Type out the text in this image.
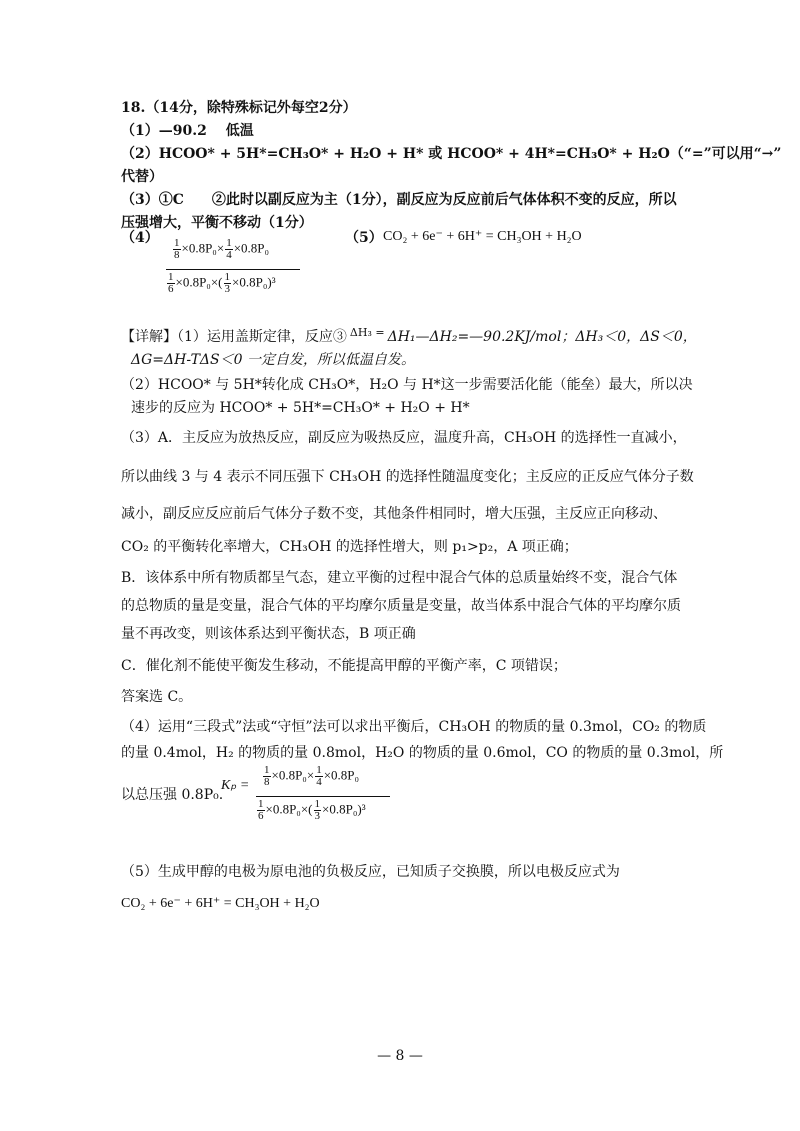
18.（14分，除特殊标记外每空2分）
（1）—90.2 低温
（2）HCOO* + 5H*=CH₃O* + H₂O + H* 或 HCOO* + 4H*=CH₃O* + H₂O（“=”可以用“→”
代替）
（3）①C　　②此时以副反应为主（1分），副反应为反应前后气体体积不变的反应，所以
压强增大，平衡不移动（1分）
$(4) \frac{1}{8} \times 0.8P_0\times \frac{1}{4} \times 0.8P_0$
$\frac{1}{6} \times 0.8P_0\times( \frac{1}{3} \times 0.8P_0)^3$
（5） CO₂ + 6e⁻ + 6H⁺ = CH₃OH + H₂O
【详解】（1）运用盖斯定律，反应③ $^{\Delta H_3 =}$ ΔH₁—ΔH₂=—90.2KJ/mol；ΔH₃＜0，ΔS＜0，
ΔG=ΔH-TΔS＜0 一定自发，所以低温自发。
（2）HCOO* 与 5H*转化成 CH₃O*，H₂O 与 H*这一步需要活化能（能垒）最大，所以决
速步的反应为 HCOO* + 5H*=CH₃O* + H₂O + H*
（3）A．主反应为放热反应，副反应为吸热反应，温度升高，CH₃OH 的选择性一直减小，
所以曲线 3 与 4 表示不同压强下 CH₃OH 的选择性随温度变化；主反应的正反应气体分子数
减小，副反应反应前后气体分子数不变，其他条件相同时，增大压强，主反应正向移动、
CO₂ 的平衡转化率增大，CH₃OH 的选择性增大，则 p₁>p₂，A 项正确；
B．该体系中所有物质都呈气态，建立平衡的过程中混合气体的总质量始终不变，混合气体
的总物质的量是变量，混合气体的平均摩尔质量是变量，故当体系中混合气体的平均摩尔质
量不再改变，则该体系达到平衡状态，B 项正确
C．催化剂不能使平衡发生移动，不能提高甲醇的平衡产率，C 项错误；
答案选 C。
（4）运用“三段式”法或“守恒”法可以求出平衡后，CH₃OH 的物质的量 0.3mol，CO₂ 的物质
的量 0.4mol，H₂ 的物质的量 0.8mol，H₂O 的物质的量 0.6mol，CO 的物质的量 0.3mol，所
以总压强 0.8P₀.
$K_p = \frac{1}{8} \times 0.8P_0\times \frac{1}{4} \times 0.8P_0$
$\frac{1}{6} \times 0.8P_0\times( \frac{1}{3} \times 0.8P_0)^3$
（5）生成甲醇的电极为原电池的负极反应，已知质子交换膜，所以电极反应式为
CO₂ + 6e⁻ + 6H⁺ = CH₃OH + H₂O
— 8 —
